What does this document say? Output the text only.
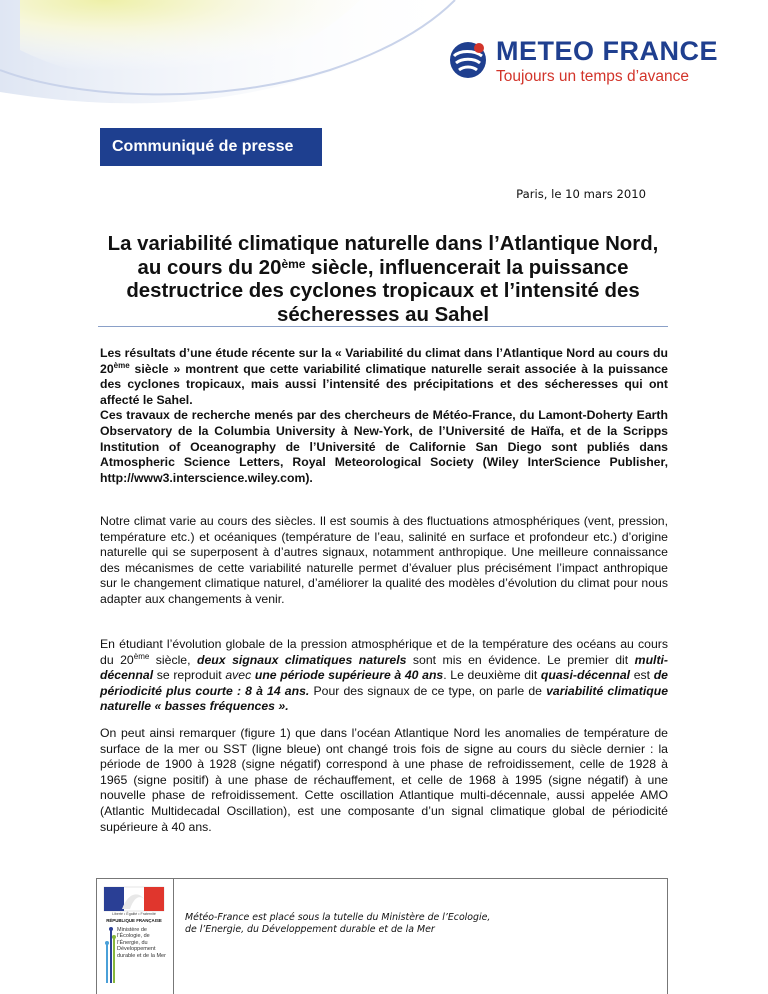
METEO FRANCE
Toujours un temps d’avance
Communiqué de presse
Paris, le 10 mars 2010
La variabilité climatique naturelle dans l’Atlantique Nord,
au cours du 20ème siècle, influencerait la puissance
destructrice des cyclones tropicaux et l’intensité des
sécheresses au Sahel

Les résultats d’une étude récente sur la « Variabilité du climat dans l’Atlantique Nord au cours du 20ème siècle » montrent que cette variabilité climatique naturelle serait associée à la puissance des cyclones tropicaux, mais aussi l’intensité des précipitations et des sécheresses qui ont affecté le Sahel.
Ces travaux de recherche menés par des chercheurs de Météo-France, du Lamont-Doherty Earth Observatory de la Columbia University à New-York, de l’Université de Haïfa, et de la Scripps Institution of Oceanography de l’Université de Californie San Diego sont publiés dans Atmospheric Science Letters, Royal Meteorological Society (Wiley InterScience Publisher, http://www3.interscience.wiley.com).

Notre climat varie au cours des siècles. Il est soumis à des fluctuations atmosphériques (vent, pression, température etc.) et océaniques (température de l’eau, salinité en surface et profondeur etc.) d’origine naturelle qui se superposent à d’autres signaux, notamment anthropique. Une meilleure connaissance des mécanismes de cette variabilité naturelle permet d’évaluer plus précisément l’impact anthropique sur le changement climatique naturel, d’améliorer la qualité des modèles d’évolution du climat pour nous adapter aux changements à venir.

En étudiant l’évolution globale de la pression atmosphérique et de la température des océans au cours du 20ème siècle, deux signaux climatiques naturels sont mis en évidence. Le premier dit multi-décennal se reproduit avec une période supérieure à 40 ans. Le deuxième dit quasi-décennal est de périodicité plus courte : 8 à 14 ans. Pour des signaux de ce type, on parle de variabilité climatique naturelle « basses fréquences ».

On peut ainsi remarquer (figure 1) que dans l’océan Atlantique Nord les anomalies de température de surface de la mer ou SST (ligne bleue) ont changé trois fois de signe au cours du siècle dernier : la période de 1900 à 1928 (signe négatif) correspond à une phase de refroidissement, celle de 1928 à 1965 (signe positif) à une phase de réchauffement, et celle de 1968 à 1995 (signe négatif) à une nouvelle phase de refroidissement. Cette oscillation Atlantique multi-décennale, aussi appelée AMO (Atlantic Multidecadal Oscillation), est une composante d’un signal climatique global de périodicité supérieure à 40 ans.

Liberté • Égalité • Fraternité
RÉPUBLIQUE FRANÇAISE
Ministère de l’Écologie, de l’Énergie, du Développement durable et de la Mer
Météo-France est placé sous la tutelle du Ministère de l’Ecologie,
de l’Energie, du Développement durable et de la Mer
